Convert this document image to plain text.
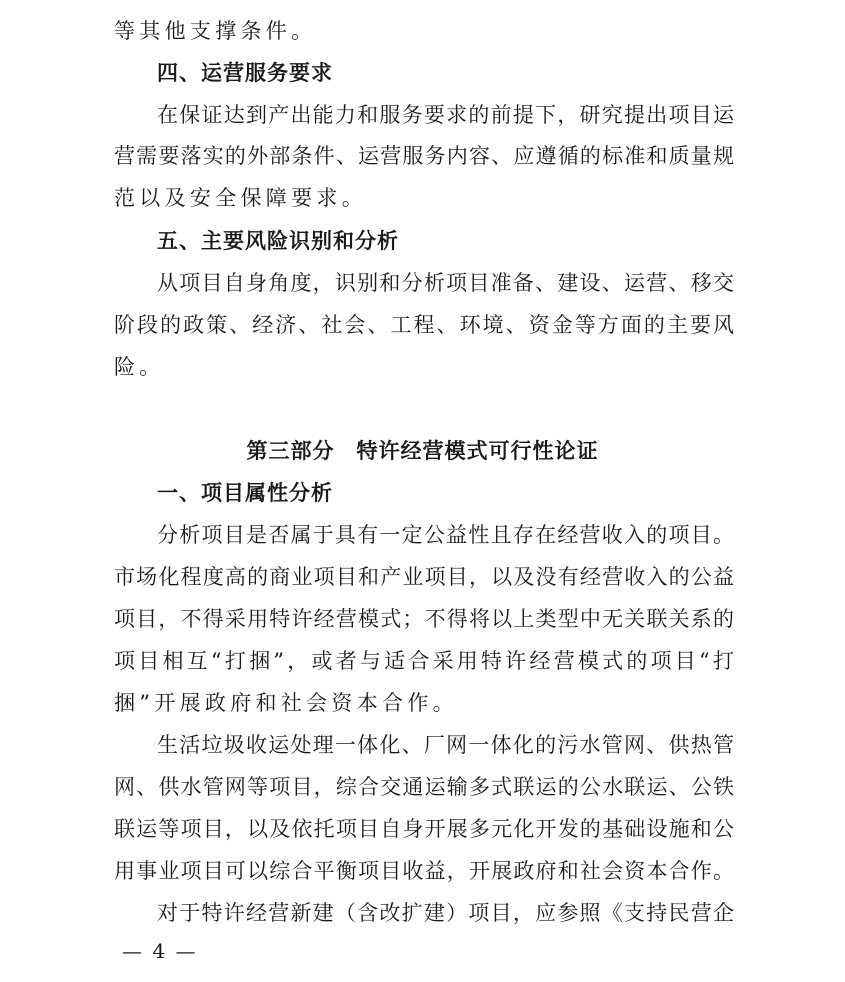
等其他支撑条件。
四、运营服务要求
在保证达到产出能力和服务要求的前提下，研究提出项目运
营需要落实的外部条件、运营服务内容、应遵循的标准和质量规
范以及安全保障要求。
五、主要风险识别和分析
从项目自身角度，识别和分析项目准备、建设、运营、移交
阶段的政策、经济、社会、工程、环境、资金等方面的主要风
险。
第三部分　特许经营模式可行性论证
一、项目属性分析
分析项目是否属于具有一定公益性且存在经营收入的项目。
市场化程度高的商业项目和产业项目，以及没有经营收入的公益
项目，不得采用特许经营模式；不得将以上类型中无关联关系的
项目相互“打捆”，或者与适合采用特许经营模式的项目“打
捆”开展政府和社会资本合作。
生活垃圾收运处理一体化、厂网一体化的污水管网、供热管
网、供水管网等项目，综合交通运输多式联运的公水联运、公铁
联运等项目，以及依托项目自身开展多元化开发的基础设施和公
用事业项目可以综合平衡项目收益，开展政府和社会资本合作。
对于特许经营新建（含改扩建）项目，应参照《支持民营企
— 4 —
